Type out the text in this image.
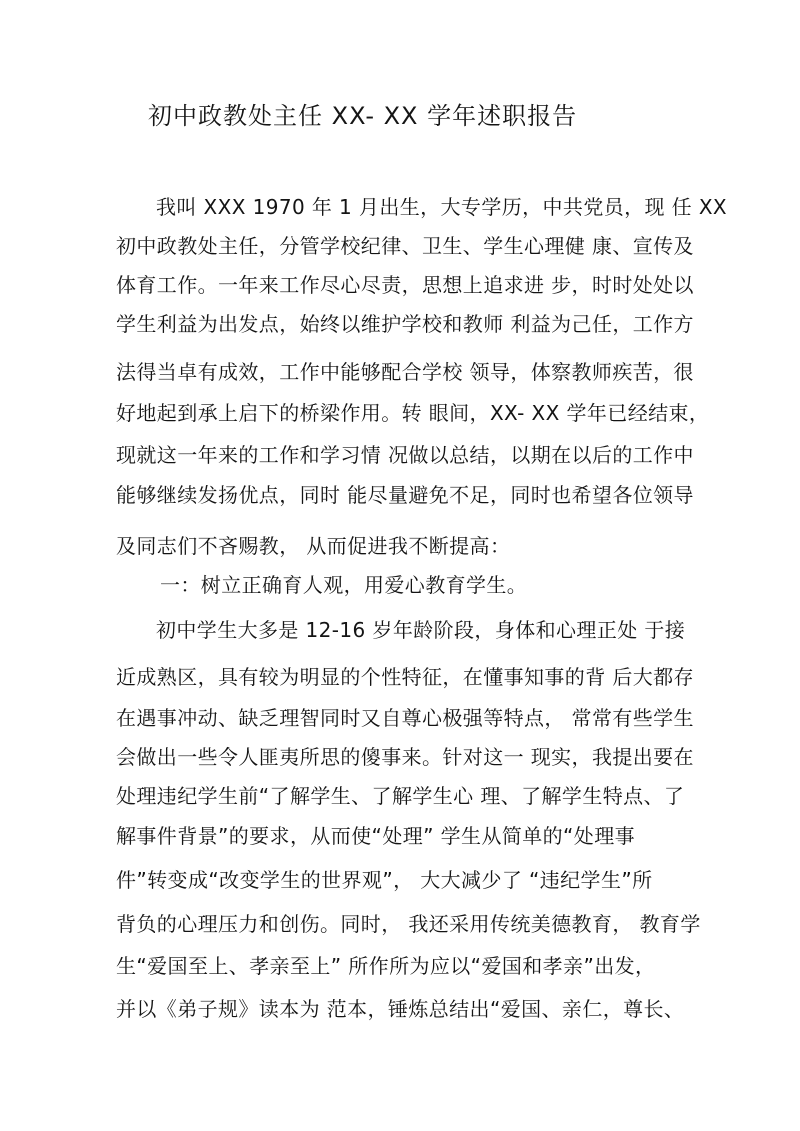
初中政教处主任 XX- XX 学年述职报告
我叫 XXX 1970 年 1 月出生，大专学历，中共党员，现 任 XX
初中政教处主任，分管学校纪律、卫生、学生心理健 康、宣传及
体育工作。一年来工作尽心尽责，思想上追求进 步，时时处处以
学生利益为出发点，始终以维护学校和教师 利益为己任，工作方
法得当卓有成效，工作中能够配合学校 领导，体察教师疾苦，很
好地起到承上启下的桥梁作用。转 眼间，XX- XX 学年已经结束，
现就这一年来的工作和学习情 况做以总结，以期在以后的工作中
能够继续发扬优点，同时 能尽量避免不足，同时也希望各位领导
及同志们不吝赐教， 从而促进我不断提高：
一：树立正确育人观，用爱心教育学生。
初中学生大多是 12-16 岁年龄阶段，身体和心理正处 于接
近成熟区，具有较为明显的个性特征，在懂事知事的背 后大都存
在遇事冲动、缺乏理智同时又自尊心极强等特点， 常常有些学生
会做出一些令人匪夷所思的傻事来。针对这一 现实，我提出要在
处理违纪学生前“了解学生、了解学生心 理、了解学生特点、了
解事件背景”的要求，从而使“处理” 学生从简单的“处理事
件”转变成“改变学生的世界观”， 大大减少了 “违纪学生”所
背负的心理压力和创伤。同时， 我还采用传统美德教育， 教育学
生“爱国至上、孝亲至上” 所作所为应以“爱国和孝亲”出发，
并以《弟子规》读本为 范本，锤炼总结出“爱国、亲仁，尊长、
